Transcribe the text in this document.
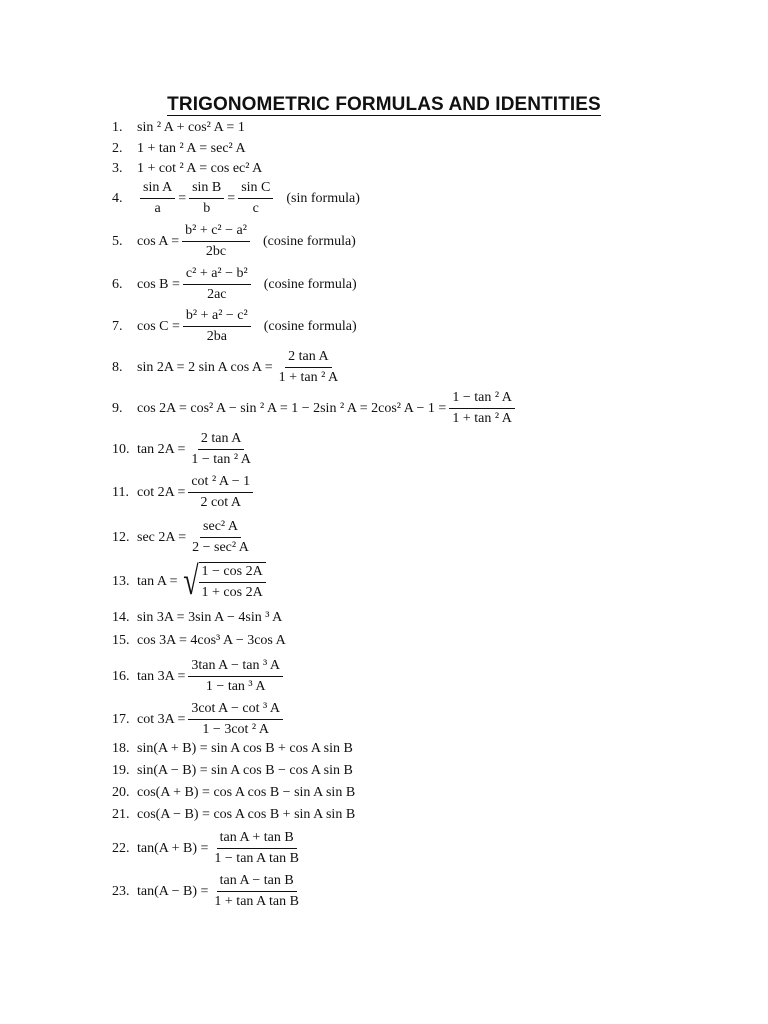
TRIGONOMETRIC FORMULAS AND IDENTITIES
1.	sin ² A + cos² A = 1
2.	1 + tan ² A = sec² A
3.	1 + cot ² A = cos ec² A
4.	$\frac{\text{sin A}}{a} = \frac{\text{sin B}}{b} = \frac{\text{sin C}}{c} (\sin$ formula)
5.	$\cos A = \frac{\text{b² + c² − a²}}{2bc} (cosine$ formula)
6.	$\cos B = \frac{\text{c² + a² − b²}}{2ac} (cosine$ formula)
7.	$\cos C = \frac{\text{b² + a² − c²}}{2ba} (cosine$ formula)
8.	sin 2A = 2 sin A $\cos A = \frac{\text{2 tan A}}{\text{1 + tan ² A}}$
9.	cos 2A = cos² A − sin ² A = 1 − 2sin ² A = 2cos² $A - 1 = \frac{\text{1 − tan ² A}}{\text{1 + tan ² A}}$
10. $\tan 2A = \frac{\text{2 tan A}}{\text{1 − tan ² A}}$
11. $\cot 2A = \frac{\text{cot ² A − 1}}{\text{2 cot A}}$
12. $\sec 2A = \frac{\text{sec² A}}{\text{2 − sec² A}}$
13. tan A = √ $\frac{1 - \cos 2A}{1 + \cos 2A}$
14. sin 3A = 3sin A − 4sin ³ A
15. cos 3A = 4cos³ A − 3cos A
16. $\tan 3A = \frac{\text{3tan A − tan ³ A}}{\text{1 − tan ³ A}}$
17. $\cot 3A = \frac{\text{3cot A − cot ³ A}}{\text{1 − 3cot ² A}}$
18. sin(A + B) = sin A cos B + cos A sin B
19. sin(A − B) = sin A cos B − cos A sin B
20. cos(A + B) = cos A cos B − sin A sin B
21. cos(A − B) = cos A cos B + sin A sin B
22. $\tan(A + B) = \frac{\text{tan A + tan B}}{\text{1 − tan A tan B}}$
23. $\tan(A - B) = \frac{\text{tan A − tan B}}{\text{1 + tan A tan B}}$
